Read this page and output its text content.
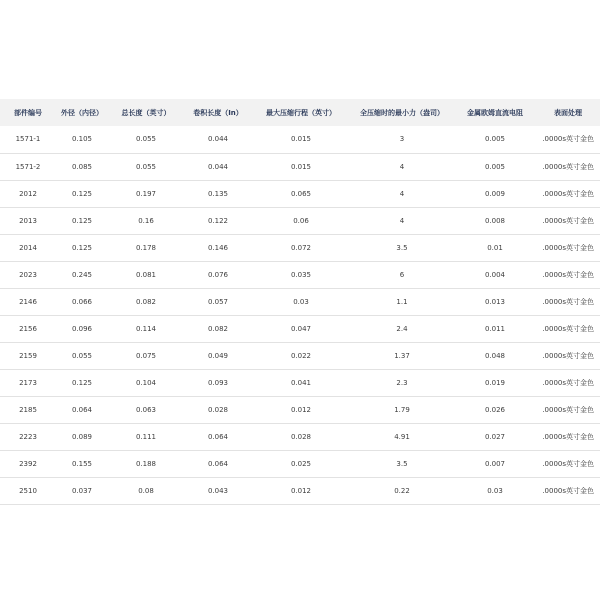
部件编号	外径（内径）	总长度（英寸）	卷积长度（In）	最大压缩行程（英寸）	全压缩时的最小力（盎司）	金属欧姆直流电阻	表面处理
1571-1	0.105	0.055	0.044	0.015	3	0.005	.0000s英寸金色
1571-2	0.085	0.055	0.044	0.015	4	0.005	.0000s英寸金色
2012	0.125	0.197	0.135	0.065	4	0.009	.0000s英寸金色
2013	0.125	0.16	0.122	0.06	4	0.008	.0000s英寸金色
2014	0.125	0.178	0.146	0.072	3.5	0.01	.0000s英寸金色
2023	0.245	0.081	0.076	0.035	6	0.004	.0000s英寸金色
2146	0.066	0.082	0.057	0.03	1.1	0.013	.0000s英寸金色
2156	0.096	0.114	0.082	0.047	2.4	0.011	.0000s英寸金色
2159	0.055	0.075	0.049	0.022	1.37	0.048	.0000s英寸金色
2173	0.125	0.104	0.093	0.041	2.3	0.019	.0000s英寸金色
2185	0.064	0.063	0.028	0.012	1.79	0.026	.0000s英寸金色
2223	0.089	0.111	0.064	0.028	4.91	0.027	.0000s英寸金色
2392	0.155	0.188	0.064	0.025	3.5	0.007	.0000s英寸金色
2510	0.037	0.08	0.043	0.012	0.22	0.03	.0000s英寸金色
